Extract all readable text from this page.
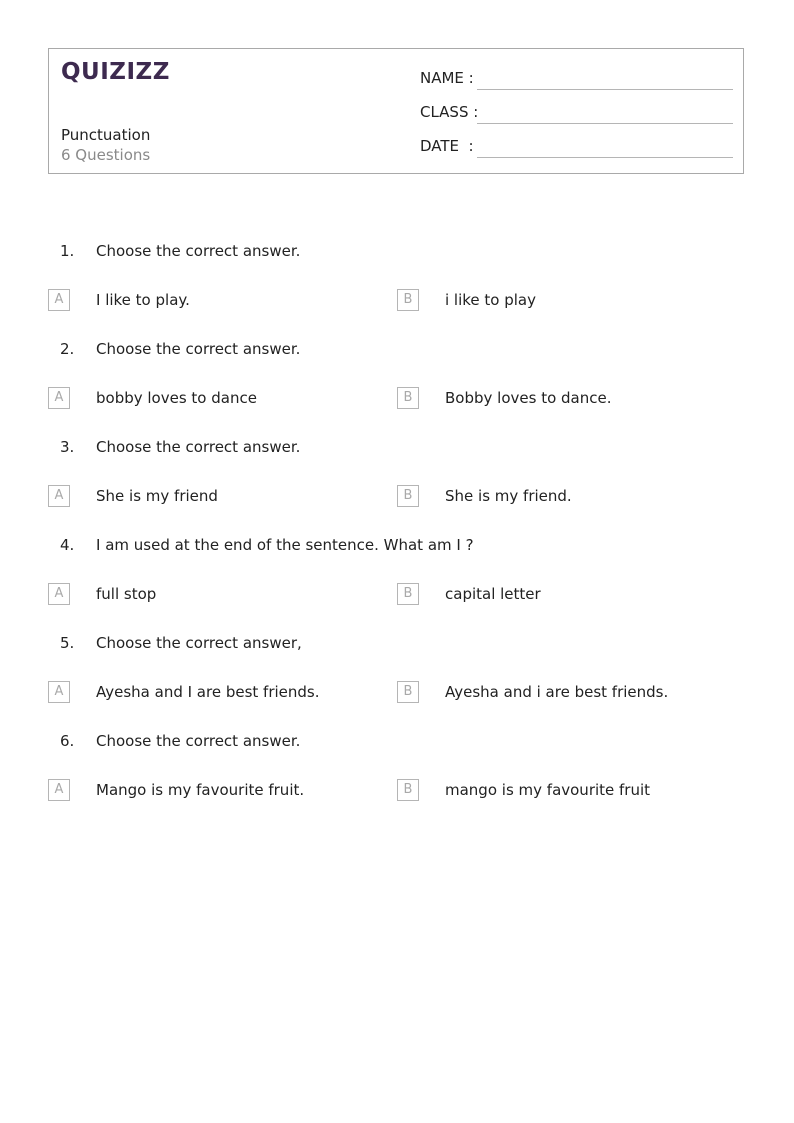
QUIZIZZ
Punctuation
6 Questions
NAME :
CLASS :
DATE  :
1. Choose the correct answer.
A	I like to play.	B	i like to play
2. Choose the correct answer.
A	bobby loves to dance	B	Bobby loves to dance.
3. Choose the correct answer.
A	She is my friend	B	She is my friend.
4. I am used at the end of the sentence. What am I ?
A	full stop	B	capital letter
5. Choose the correct answer,
A	Ayesha and I are best friends.	B	Ayesha and i are best friends.
6. Choose the correct answer.
A	Mango is my favourite fruit.	B	mango is my favourite fruit
